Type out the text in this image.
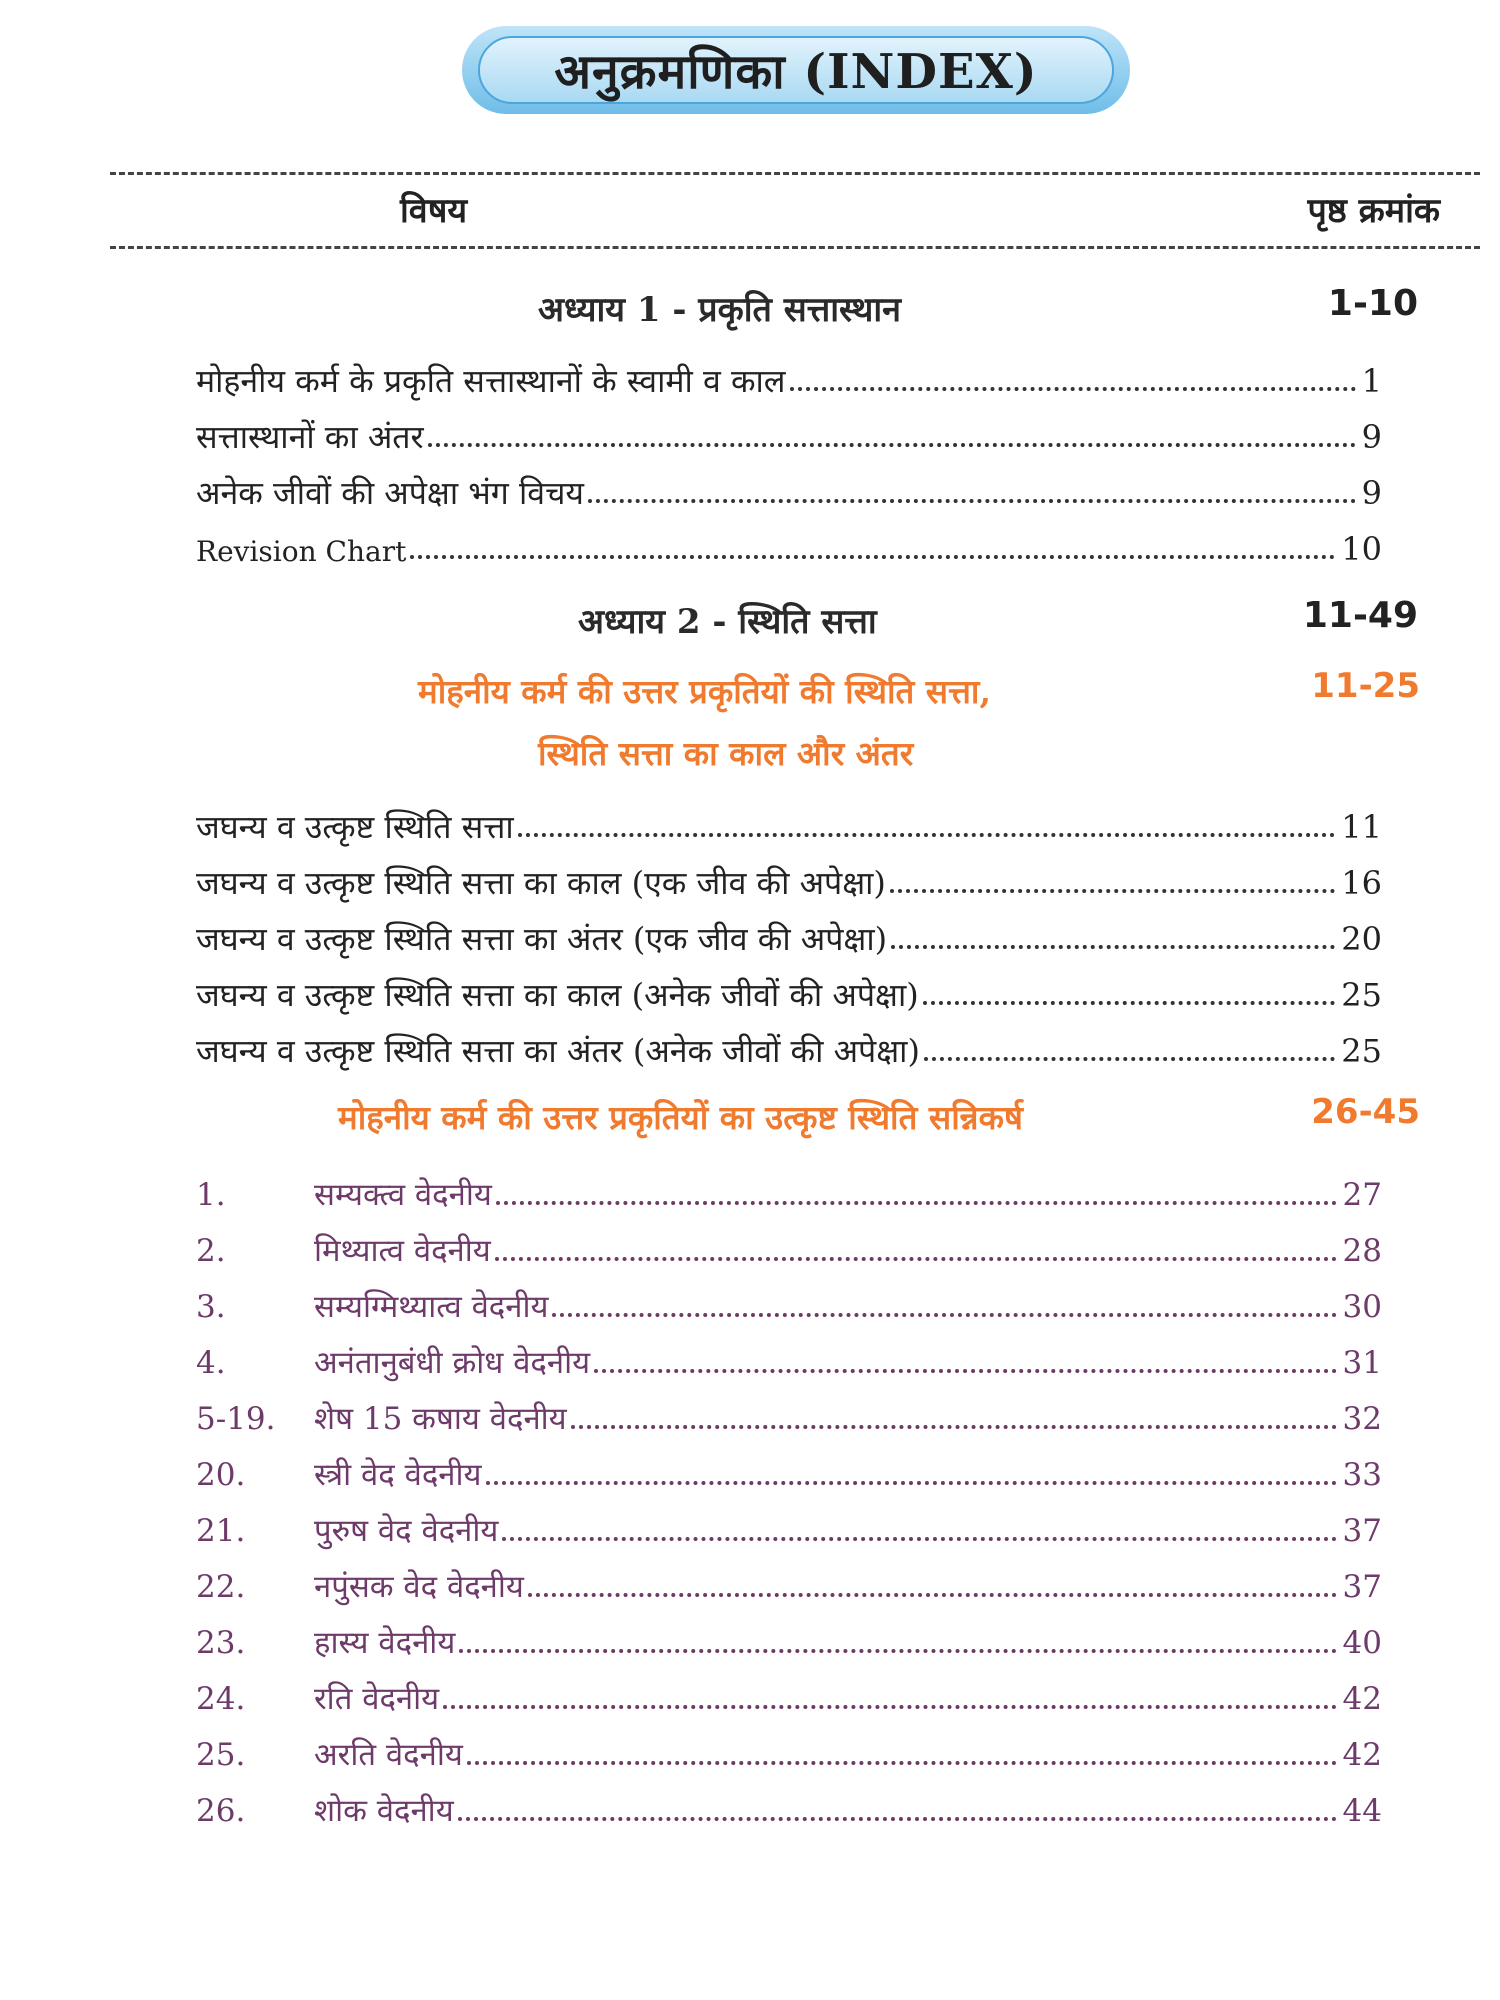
अनुक्रमणिका (INDEX)
विषय	पृष्ठ क्रमांक
अध्याय 1 - प्रकृति सत्तास्थान	1-10
मोहनीय कर्म के प्रकृति सत्तास्थानों के स्वामी व काल	1
सत्तास्थानों का अंतर	9
अनेक जीवों की अपेक्षा भंग विचय	9
Revision Chart	10
अध्याय 2 - स्थिति सत्ता	11-49
मोहनीय कर्म की उत्तर प्रकृतियों की स्थिति सत्ता,	11-25
स्थिति सत्ता का काल और अंतर
जघन्य व उत्कृष्ट स्थिति सत्ता	11
जघन्य व उत्कृष्ट स्थिति सत्ता का काल (एक जीव की अपेक्षा)	16
जघन्य व उत्कृष्ट स्थिति सत्ता का अंतर (एक जीव की अपेक्षा)	20
जघन्य व उत्कृष्ट स्थिति सत्ता का काल (अनेक जीवों की अपेक्षा)	25
जघन्य व उत्कृष्ट स्थिति सत्ता का अंतर (अनेक जीवों की अपेक्षा)	25
मोहनीय कर्म की उत्तर प्रकृतियों का उत्कृष्ट स्थिति सन्निकर्ष	26-45
1.	सम्यक्त्व वेदनीय	27
2.	मिथ्यात्व वेदनीय	28
3.	सम्यग्मिथ्यात्व वेदनीय	30
4.	अनंतानुबंधी क्रोध वेदनीय	31
5-19.	शेष 15 कषाय वेदनीय	32
20.	स्त्री वेद वेदनीय	33
21.	पुरुष वेद वेदनीय	37
22.	नपुंसक वेद वेदनीय	37
23.	हास्य वेदनीय	40
24.	रति वेदनीय	42
25.	अरति वेदनीय	42
26.	शोक वेदनीय	44
